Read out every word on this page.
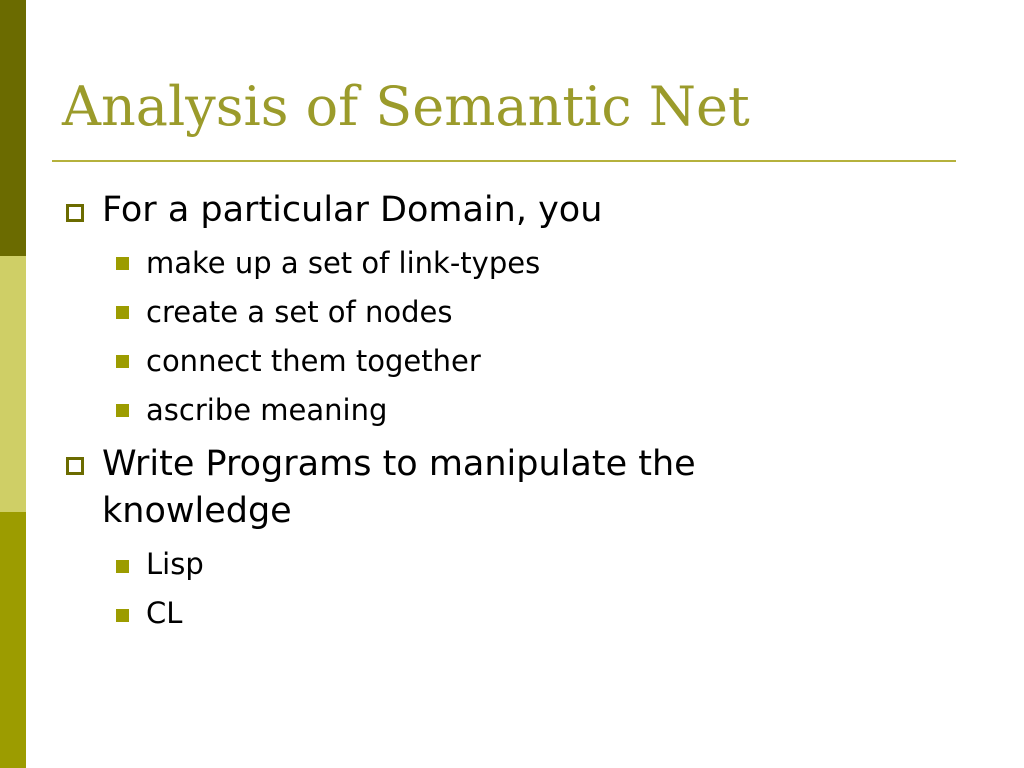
Analysis of Semantic Net
For a particular Domain, you
make up a set of link-types
create a set of nodes
connect them together
ascribe meaning
Write Programs to manipulate the
knowledge
Lisp
CL
